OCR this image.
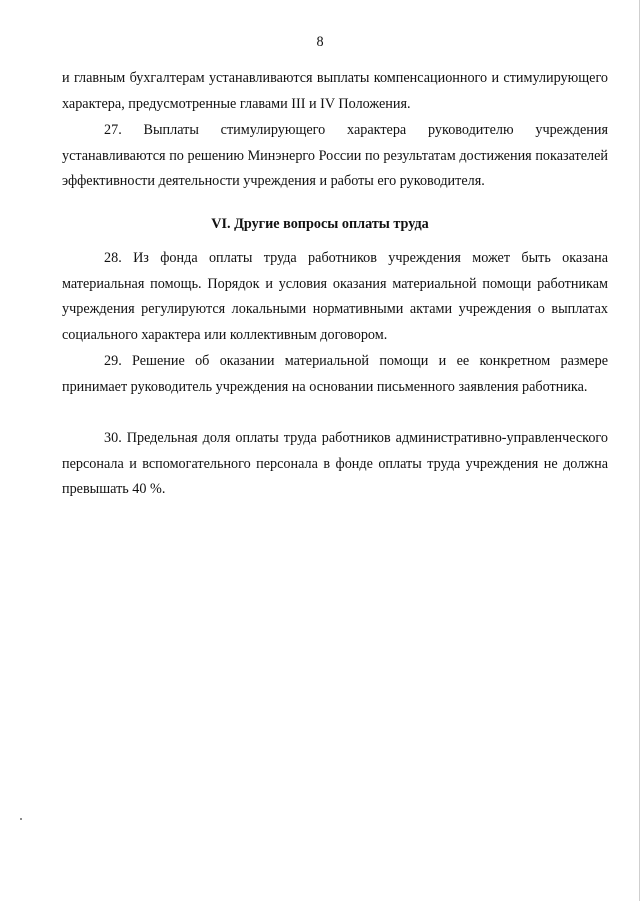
8

и главным бухгалтерам устанавливаются выплаты компенсационного и стимулирующего характера, предусмотренные главами III и IV Положения.

27. Выплаты стимулирующего характера руководителю учреждения устанавливаются по решению Минэнерго России по результатам достижения показателей эффективности деятельности учреждения и работы его руководителя.

VI. Другие вопросы оплаты труда

28. Из фонда оплаты труда работников учреждения может быть оказана материальная помощь. Порядок и условия оказания материальной помощи работникам учреждения регулируются локальными нормативными актами учреждения о выплатах социального характера или коллективным договором.

29. Решение об оказании материальной помощи и ее конкретном размере принимает руководитель учреждения на основании письменного заявления работника.

30. Предельная доля оплаты труда работников административно-управленческого персонала и вспомогательного персонала в фонде оплаты труда учреждения не должна превышать 40 %.
